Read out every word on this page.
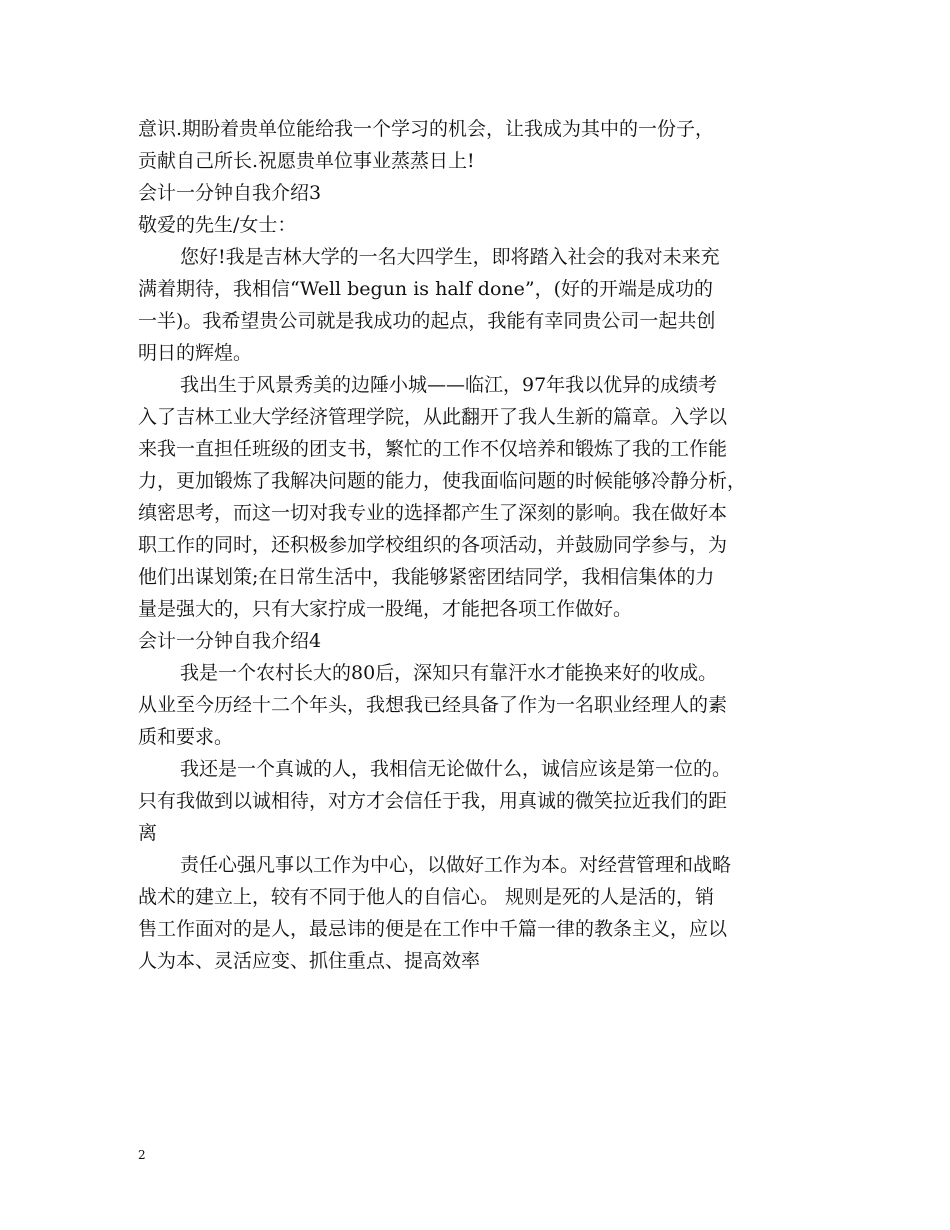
意识.期盼着贵单位能给我一个学习的机会，让我成为其中的一份子，
贡献自己所长.祝愿贵单位事业蒸蒸日上!
会计一分钟自我介绍3
敬爱的先生/女士：
您好!我是吉林大学的一名大四学生，即将踏入社会的我对未来充
满着期待，我相信“Well begun is half done”，(好的开端是成功的
一半)。我希望贵公司就是我成功的起点，我能有幸同贵公司一起共创
明日的辉煌。
我出生于风景秀美的边陲小城——临江，97年我以优异的成绩考
入了吉林工业大学经济管理学院，从此翻开了我人生新的篇章。入学以
来我一直担任班级的团支书，繁忙的工作不仅培养和锻炼了我的工作能
力，更加锻炼了我解决问题的能力，使我面临问题的时候能够冷静分析，
缜密思考，而这一切对我专业的选择都产生了深刻的影响。我在做好本
职工作的同时，还积极参加学校组织的各项活动，并鼓励同学参与，为
他们出谋划策;在日常生活中，我能够紧密团结同学，我相信集体的力
量是强大的，只有大家拧成一股绳，才能把各项工作做好。
会计一分钟自我介绍4
我是一个农村长大的80后，深知只有靠汗水才能换来好的收成。
从业至今历经十二个年头，我想我已经具备了作为一名职业经理人的素
质和要求。
我还是一个真诚的人，我相信无论做什么，诚信应该是第一位的。
只有我做到以诚相待，对方才会信任于我，用真诚的微笑拉近我们的距
离
责任心强凡事以工作为中心，以做好工作为本。对经营管理和战略
战术的建立上，较有不同于他人的自信心。 规则是死的人是活的，销
售工作面对的是人，最忌讳的便是在工作中千篇一律的教条主义，应以
人为本、灵活应变、抓住重点、提高效率
2
